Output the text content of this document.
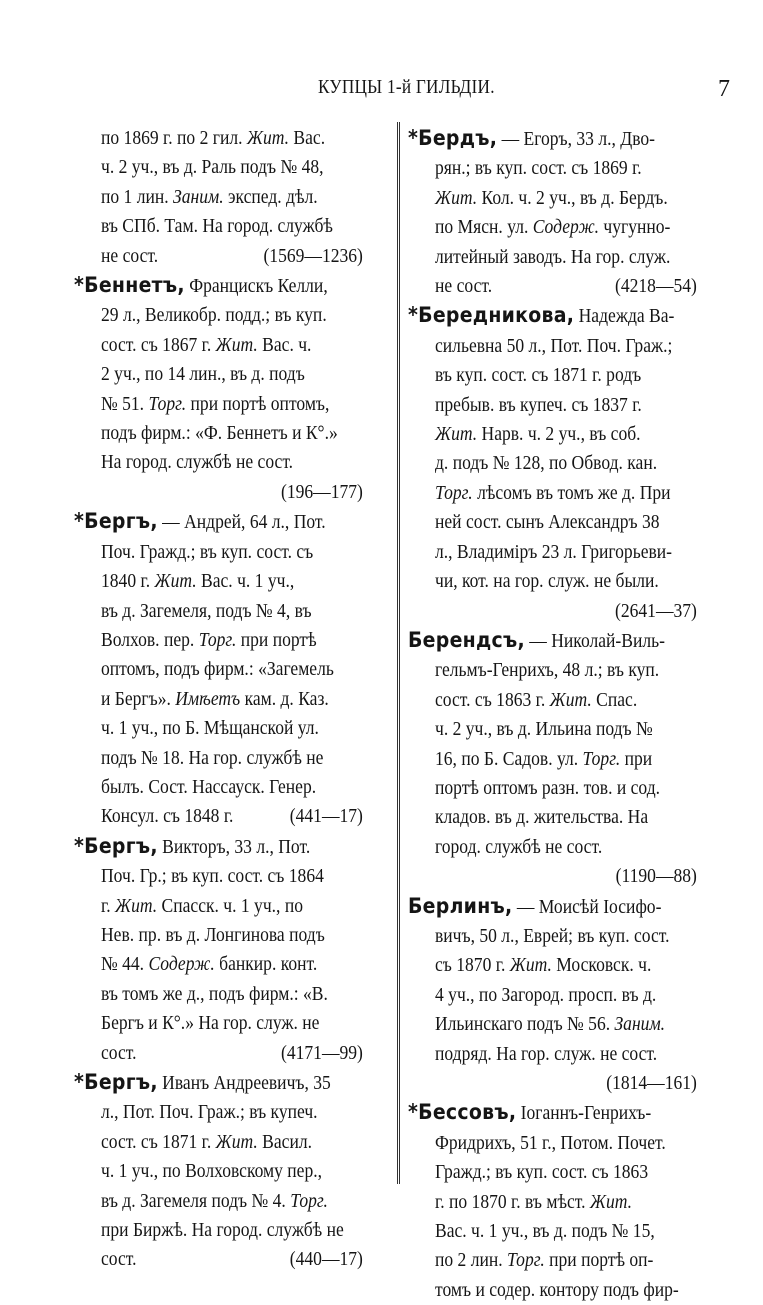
КУПЦЫ 1-й ГИЛЬДІИ.	7
по 1869 г. по 2 гил. Жит. Вас.
ч. 2 уч., въ д. Раль подъ № 48,
по 1 лин. Заним. экспед. дѣл.
въ СПб. Там. На город. службѣ
не сост.	(1569—1236)
*Беннетъ, Францискъ Келли,
29 л., Великобр. подд.; въ куп.
сост. съ 1867 г. Жит. Вас. ч.
2 уч., по 14 лин., въ д. подъ
№ 51. Торг. при портѣ оптомъ,
подъ фирм.: «Ф. Беннетъ и К°.»
На город. службѣ не сост.
(196—177)
*Бергъ, — Андрей, 64 л., Пот.
Поч. Гражд.; въ куп. сост. съ
1840 г. Жит. Вас. ч. 1 уч.,
въ д. Загемеля, подъ № 4, въ
Волхов. пер. Торг. при портѣ
оптомъ, подъ фирм.: «Загемель
и Бергъ». Имѣетъ кам. д. Каз.
ч. 1 уч., по Б. Мѣщанской ул.
подъ № 18. На гор. службѣ не
былъ. Сост. Нассауск. Генер.
Консул. съ 1848 г.	(441—17)
*Бергъ, Викторъ, 33 л., Пот.
Поч. Гр.; въ куп. сост. съ 1864
г. Жит. Спасск. ч. 1 уч., по
Нев. пр. въ д. Лонгинова подъ
№ 44. Содерж. банкир. конт.
въ томъ же д., подъ фирм.: «В.
Бергъ и К°.» На гор. служ. не
сост.	(4171—99)
*Бергъ, Иванъ Андреевичъ, 35
л., Пот. Поч. Граж.; въ купеч.
сост. съ 1871 г. Жит. Васил.
ч. 1 уч., по Волховскому пер.,
въ д. Загемеля подъ № 4. Торг.
при Биржѣ. На город. службѣ не
сост.	(440—17)
*Бердъ, — Егоръ, 33 л., Дво-
рян.; въ куп. сост. съ 1869 г.
Жит. Кол. ч. 2 уч., въ д. Бердъ.
по Мясн. ул. Содерж. чугунно-
литейный заводъ. На гор. служ.
не сост.	(4218—54)
*Бередникова, Надежда Ва-
сильевна 50 л., Пот. Поч. Граж.;
въ куп. сост. съ 1871 г. родъ
пребыв. въ купеч. съ 1837 г.
Жит. Нарв. ч. 2 уч., въ соб.
д. подъ № 128, по Обвод. кан.
Торг. лѣсомъ въ томъ же д. При
ней сост. сынъ Александръ 38
л., Владиміръ 23 л. Григорьеви-
чи, кот. на гор. служ. не были.
(2641—37)
Берендсъ, — Николай-Виль-
гельмъ-Генрихъ, 48 л.; въ куп.
сост. съ 1863 г. Жит. Спас.
ч. 2 уч., въ д. Ильина подъ №
16, по Б. Садов. ул. Торг. при
портѣ оптомъ разн. тов. и сод.
кладов. въ д. жительства. На
город. службѣ не сост.
(1190—88)
Берлинъ, — Моисѣй Іосифо-
вичъ, 50 л., Еврей; въ куп. сост.
съ 1870 г. Жит. Московск. ч.
4 уч., по Загород. просп. въ д.
Ильинскаго подъ № 56. Заним.
подряд. На гор. служ. не сост.
(1814—161)
*Бессовъ, Іоганнъ-Генрихъ-
Фридрихъ, 51 г., Потом. Почет.
Гражд.; въ куп. сост. съ 1863
г. по 1870 г. въ мѣст. Жит.
Вас. ч. 1 уч., въ д. подъ № 15,
по 2 лин. Торг. при портѣ оп-
томъ и содер. контору подъ фир-
